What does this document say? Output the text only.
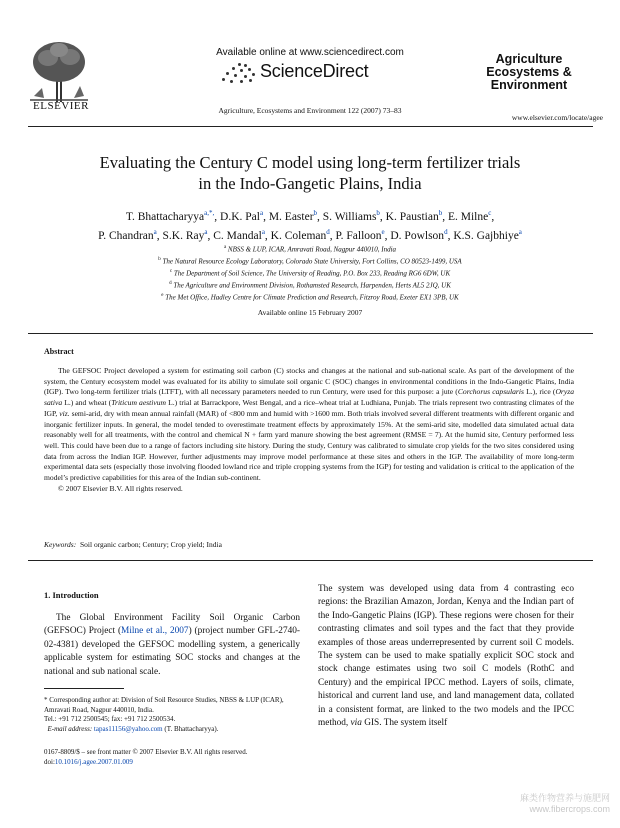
ELSEVIER
Available online at www.sciencedirect.com
ScienceDirect
Agriculture, Ecosystems and Environment 122 (2007) 73–83
Agriculture
Ecosystems &
Environment
www.elsevier.com/locate/agee
Evaluating the Century C model using long-term fertilizer trials
in the Indo-Gangetic Plains, India
T. Bhattacharyya$^{a,*,}$, D.K. Pal$^a$, M. Easter$^b$, S. Williams$^b$, K. Paustian$^b$, E. Milne$^c$,
P. Chandran$^a$, S.K. Ray$^a$, C. Mandal$^a$, K. Coleman$^d$, P. Falloon$^e$, D. Powlson$^d$, K.S. Gajbhiye$^a$
$^a$ NBSS & LUP, ICAR, Amravati Road, Nagpur 440010, India
$^b$ The Natural Resource Ecology Laboratory, Colorado State University, Fort Collins, CO 80523-1499, USA
$^c$ The Department of Soil Science, The University of Reading, P.O. Box 233, Reading RG6 6DW, UK
$^d$ The Agriculture and Environment Division, Rothamsted Research, Harpenden, Herts AL5 2JQ, UK
$^e$ The Met Office, Hadley Centre for Climate Prediction and Research, Fitzroy Road, Exeter EX1 3PB, UK
Available online 15 February 2007
Abstract
The GEFSOC Project developed a system for estimating soil carbon (C) stocks and changes at the national and sub-national scale. As part of the development of the system, the Century ecosystem model was evaluated for its ability to simulate soil organic C (SOC) changes in environmental conditions in the Indo-Gangetic Plains, India (IGP). Two long-term fertilizer trials (LTFT), with all necessary parameters needed to run Century, were used for this purpose: a jute (Corchorus capsularis L.), rice (Oryza sativa L.) and wheat (Triticum aestivum L.) trial at Barrackpore, West Bengal, and a rice–wheat trial at Ludhiana, Punjab. The trials represent two contrasting climates of the IGP, viz. semi-arid, dry with mean annual rainfall (MAR) of <800 mm and humid with >1600 mm. Both trials involved several different treatments with different organic and inorganic fertilizer inputs. In general, the model tended to overestimate treatment effects by approximately 15%. At the semi-arid site, modelled data simulated actual data reasonably well for all treatments, with the control and chemical N + farm yard manure showing the best agreement (RMSE = 7). At the humid site, Century performed less well. This could have been due to a range of factors including site history. During the study, Century was calibrated to simulate crop yields for the two sites considered using data from across the Indian IGP. However, further adjustments may improve model performance at these sites and others in the IGP. The availability of more long-term experimental data sets (especially those involving flooded lowland rice and triple cropping systems from the IGP) for testing and validation is critical to the application of the model’s predictive capabilities for this area of the Indian sub-continent.
© 2007 Elsevier B.V. All rights reserved.
Keywords: Soil organic carbon; Century; Crop yield; India
1. Introduction
The Global Environment Facility Soil Organic Carbon (GEFSOC) Project (Milne et al., 2007) (project number GFL-2740-02-4381) developed the GEFSOC modelling system, a generically applicable system for estimating SOC stocks and changes at the national and sub national scale.
The system was developed using data from 4 contrasting eco regions: the Brazilian Amazon, Jordan, Kenya and the Indian part of the Indo-Gangetic Plains (IGP). These regions were chosen for their contrasting climates and soil types and the fact that they provide examples of those areas underrepresented by current soil C models. The system can be used to make spatially explicit SOC stock and stock change estimates using two soil C models (RothC and Century) and the empirical IPCC method. Layers of soils, climate, historical and current land use, and land management data, collated in a consistent format, are linked to the two models and the IPCC method, via GIS. The system itself
* Corresponding author at: Division of Soil Resource Studies, NBSS & LUP (ICAR), Amravati Road, Nagpur 440010, India.
Tel.: +91 712 2500545; fax: +91 712 2500534.
E-mail address: tapas11156@yahoo.com (T. Bhattacharyya).
0167-8809/$ – see front matter © 2007 Elsevier B.V. All rights reserved.
doi:10.1016/j.agee.2007.01.009
麻类作物营养与施肥网
www.fibercrops.com
